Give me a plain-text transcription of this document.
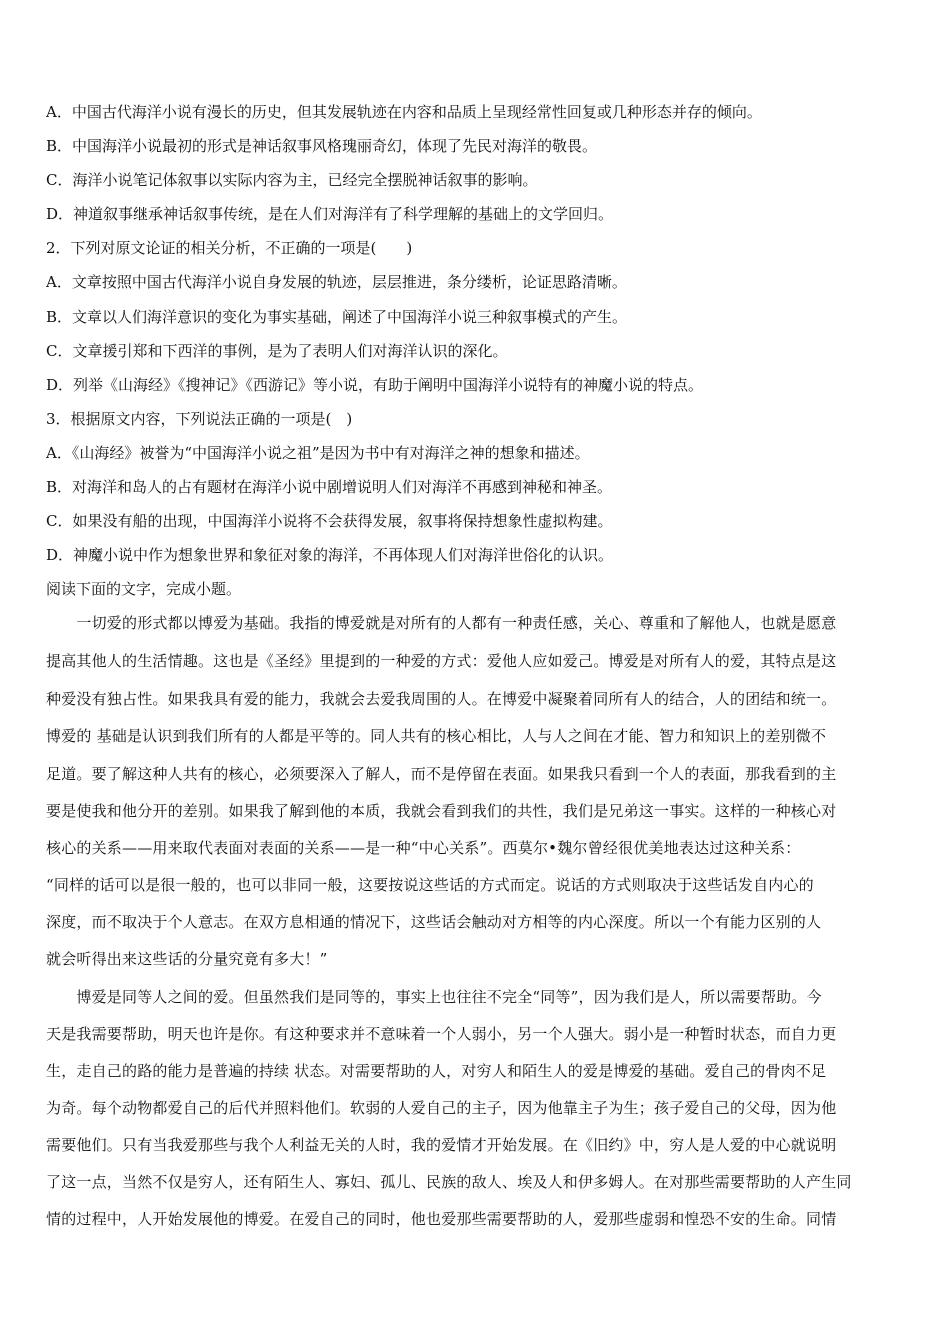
A．中国古代海洋小说有漫长的历史，但其发展轨迹在内容和品质上呈现经常性回复或几种形态并存的倾向。
B．中国海洋小说最初的形式是神话叙事风格瑰丽奇幻，体现了先民对海洋的敬畏。
C．海洋小说笔记体叙事以实际内容为主，已经完全摆脱神话叙事的影响。
D．神道叙事继承神话叙事传统，是在人们对海洋有了科学理解的基础上的文学回归。
2．下列对原文论证的相关分析，不正确的一项是(　　)
A．文章按照中国古代海洋小说自身发展的轨迹，层层推进，条分缕析，论证思路清晰。
B．文章以人们海洋意识的变化为事实基础，阐述了中国海洋小说三种叙事模式的产生。
C．文章援引郑和下西洋的事例，是为了表明人们对海洋认识的深化。
D．列举《山海经》《搜神记》《西游记》等小说，有助于阐明中国海洋小说特有的神魔小说的特点。
3．根据原文内容，下列说法正确的一项是(　)
A．《山海经》被誉为“中国海洋小说之祖”是因为书中有对海洋之神的想象和描述。
B．对海洋和岛人的占有题材在海洋小说中剧增说明人们对海洋不再感到神秘和神圣。
C．如果没有船的出现，中国海洋小说将不会获得发展，叙事将保持想象性虚拟构建。
D．神魔小说中作为想象世界和象征对象的海洋，不再体现人们对海洋世俗化的认识。
阅读下面的文字，完成小题。
　　一切爱的形式都以博爱为基础。我指的博爱就是对所有的人都有一种责任感，关心、尊重和了解他人，也就是愿意
提高其他人的生活情趣。这也是《圣经》里提到的一种爱的方式：爱他人应如爱己。博爱是对所有人的爱，其特点是这
种爱没有独占性。如果我具有爱的能力，我就会去爱我周围的人。在博爱中凝聚着同所有人的结合，人的团结和统一。
博爱的 基础是认识到我们所有的人都是平等的。同人共有的核心相比，人与人之间在才能、智力和知识上的差别微不
足道。要了解这种人共有的核心，必须要深入了解人，而不是停留在表面。如果我只看到一个人的表面，那我看到的主
要是使我和他分开的差别。如果我了解到他的本质，我就会看到我们的共性，我们是兄弟这一事实。这样的一种核心对
核心的关系——用来取代表面对表面的关系——是一种“中心关系”。西莫尔•魏尔曾经很优美地表达过这种关系：
“同样的话可以是很一般的，也可以非同一般，这要按说这些话的方式而定。说话的方式则取决于这些话发自内心的
深度，而不取决于个人意志。在双方息相通的情况下，这些话会触动对方相等的内心深度。所以一个有能力区别的人
就会听得出来这些话的分量究竟有多大！”
　　博爱是同等人之间的爱。但虽然我们是同等的，事实上也往往不完全“同等”，因为我们是人，所以需要帮助。今
天是我需要帮助，明天也许是你。有这种要求并不意味着一个人弱小，另一个人强大。弱小是一种暂时状态，而自力更
生，走自己的路的能力是普遍的持续 状态。对需要帮助的人，对穷人和陌生人的爱是博爱的基础。爱自己的骨肉不足
为奇。每个动物都爱自己的后代并照料他们。软弱的人爱自己的主子，因为他靠主子为生；孩子爱自己的父母，因为他
需要他们。只有当我爱那些与我个人利益无关的人时，我的爱情才开始发展。在《旧约》中，穷人是人爱的中心就说明
了这一点，当然不仅是穷人，还有陌生人、寡妇、孤儿、民族的敌人、埃及人和伊多姆人。在对那些需要帮助的人产生同
情的过程中，人开始发展他的博爱。在爱自己的同时，他也爱那些需要帮助的人，爱那些虚弱和惶恐不安的生命。同情
